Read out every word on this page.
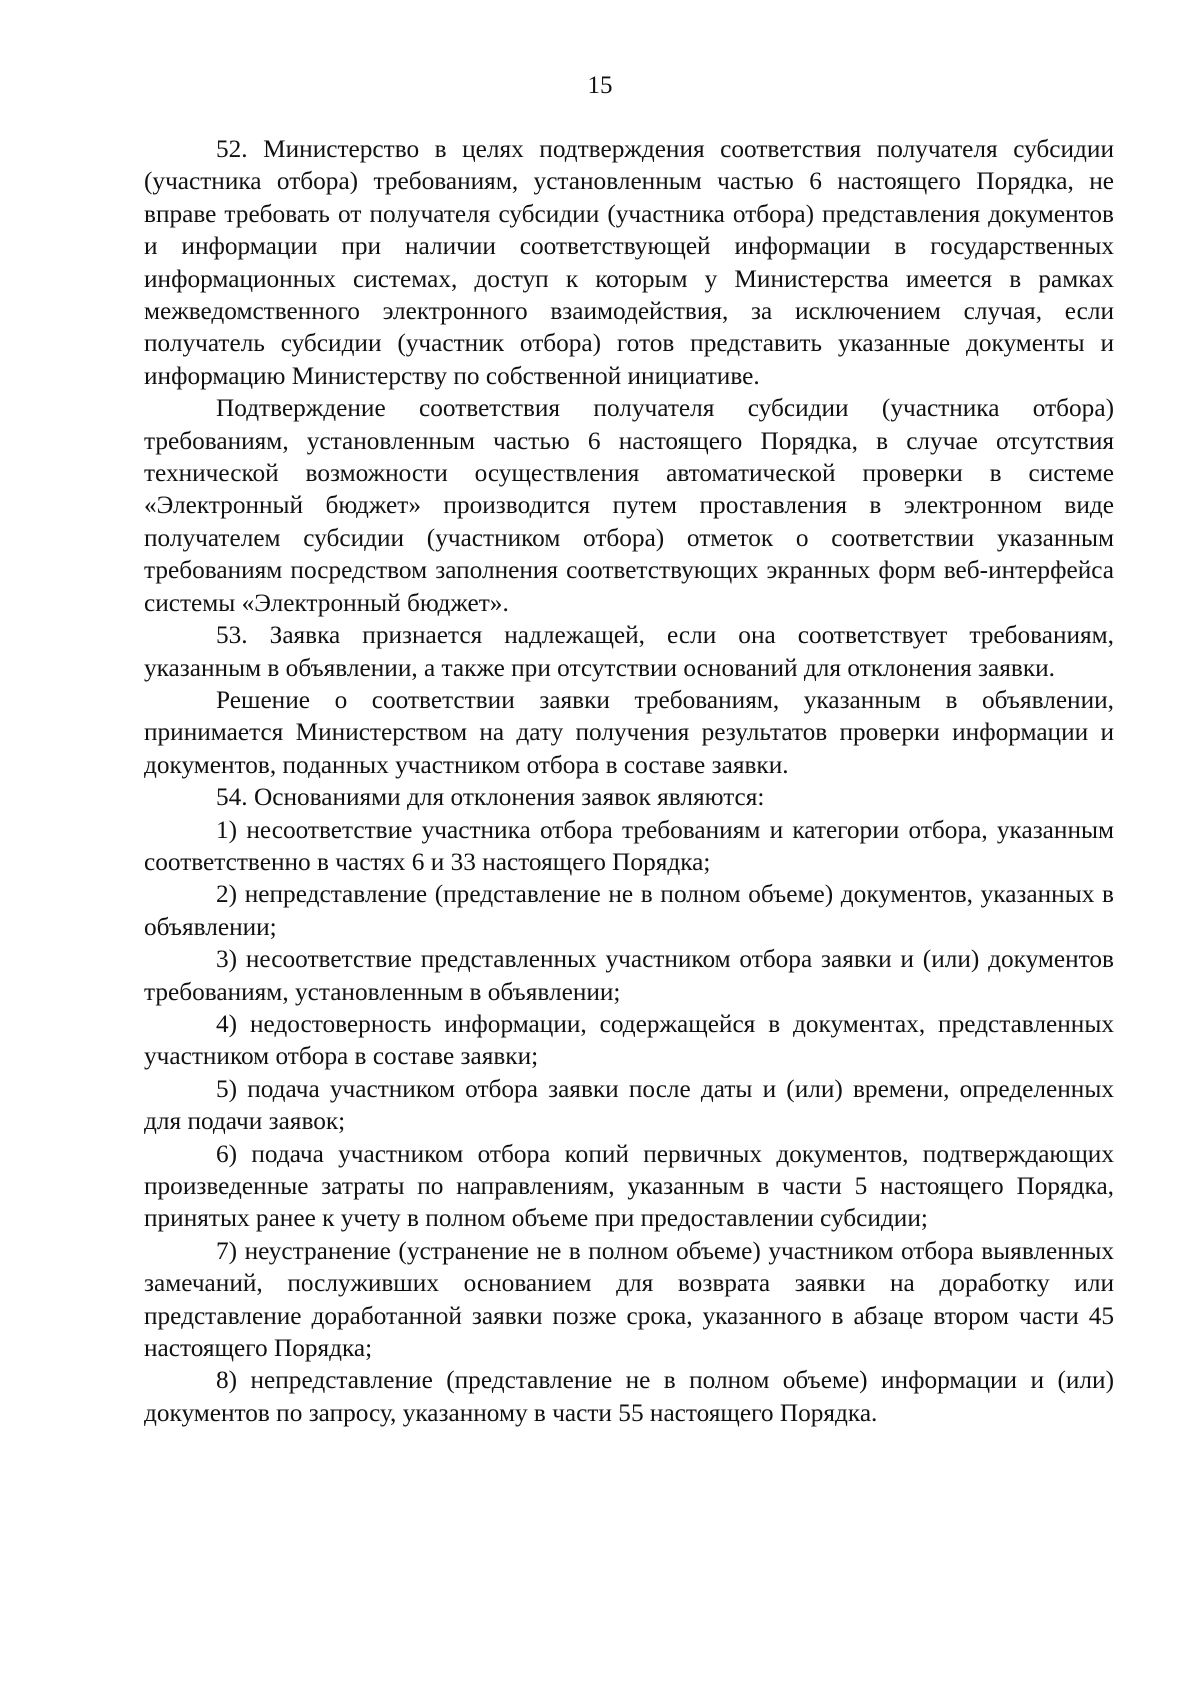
15

52. Министерство в целях подтверждения соответствия получателя субсидии (участника отбора) требованиям, установленным частью 6 настоящего Порядка, не вправе требовать от получателя субсидии (участника отбора) представления документов и информации при наличии соответствующей информации в государственных информационных системах, доступ к которым у Министерства имеется в рамках межведомственного электронного взаимодействия, за исключением случая, если получатель субсидии (участник отбора) готов представить указанные документы и информацию Министерству по собственной инициативе.

Подтверждение соответствия получателя субсидии (участника отбора) требованиям, установленным частью 6 настоящего Порядка, в случае отсутствия технической возможности осуществления автоматической проверки в системе «Электронный бюджет» производится путем проставления в электронном виде получателем субсидии (участником отбора) отметок о соответствии указанным требованиям посредством заполнения соответствующих экранных форм веб-интерфейса системы «Электронный бюджет».

53. Заявка признается надлежащей, если она соответствует требованиям, указанным в объявлении, а также при отсутствии оснований для отклонения заявки.

Решение о соответствии заявки требованиям, указанным в объявлении, принимается Министерством на дату получения результатов проверки информации и документов, поданных участником отбора в составе заявки.

54. Основаниями для отклонения заявок являются:

1) несоответствие участника отбора требованиям и категории отбора, указанным соответственно в частях 6 и 33 настоящего Порядка;

2) непредставление (представление не в полном объеме) документов, указанных в объявлении;

3) несоответствие представленных участником отбора заявки и (или) документов требованиям, установленным в объявлении;

4) недостоверность информации, содержащейся в документах, представленных участником отбора в составе заявки;

5) подача участником отбора заявки после даты и (или) времени, определенных для подачи заявок;

6) подача участником отбора копий первичных документов, подтверждающих произведенные затраты по направлениям, указанным в части 5 настоящего Порядка, принятых ранее к учету в полном объеме при предоставлении субсидии;

7) неустранение (устранение не в полном объеме) участником отбора выявленных замечаний, послуживших основанием для возврата заявки на доработку или представление доработанной заявки позже срока, указанного в абзаце втором части 45 настоящего Порядка;

8) непредставление (представление не в полном объеме) информации и (или) документов по запросу, указанному в части 55 настоящего Порядка.
